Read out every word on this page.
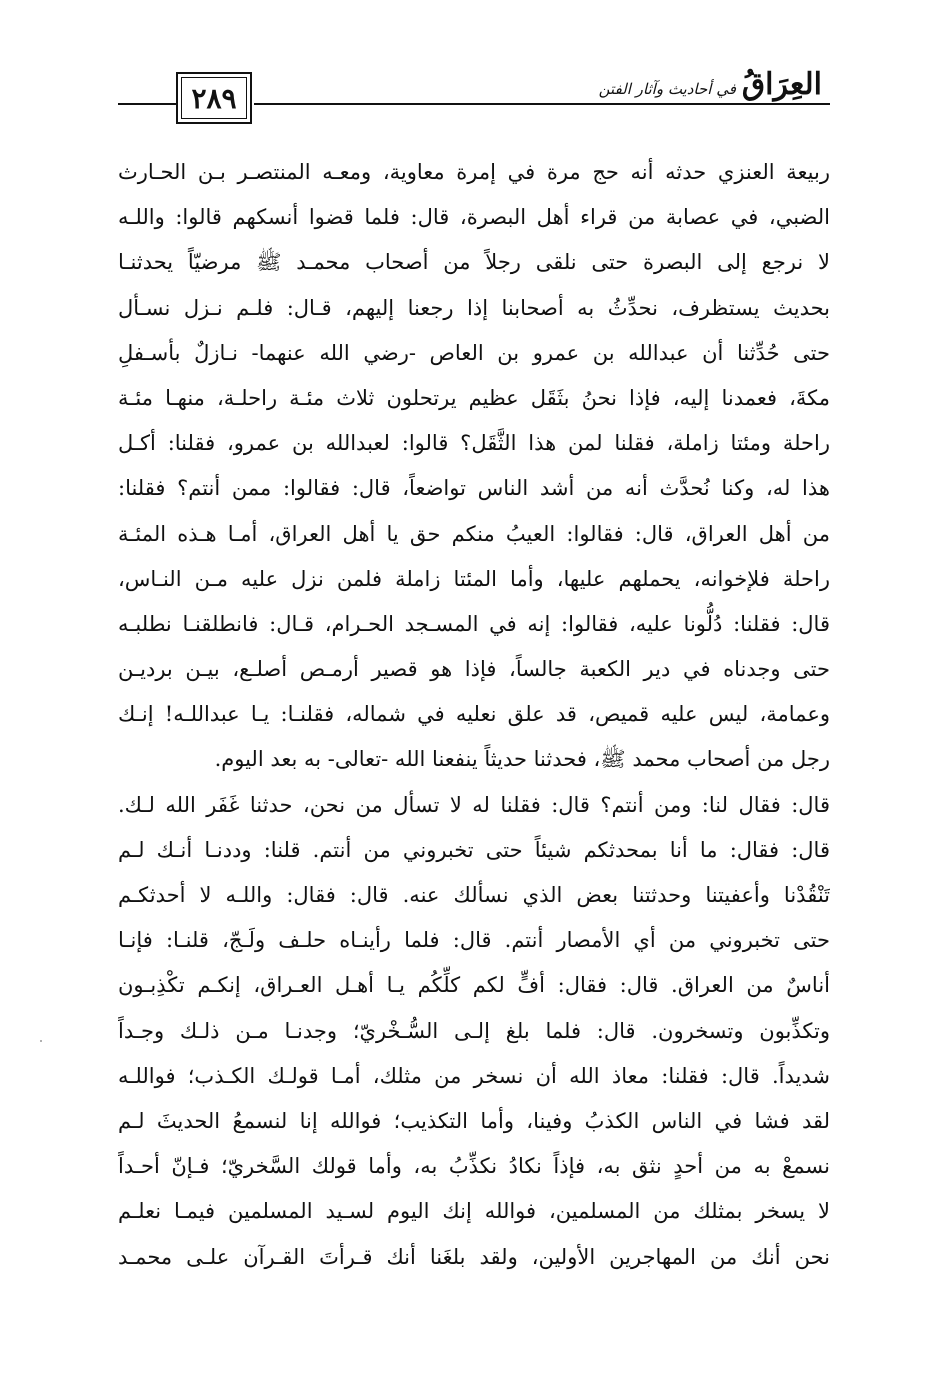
٢٨٩	العِرَاقُ
في أحاديث وآثار الفتن
ربيعة العنزي حدثه أنه حج مرة في إمرة معاوية، ومعـه المنتصـر بـن الحـارث
الضبي، في عصابة من قراء أهل البصرة، قال: فلما قضوا أنسكهم قالوا: واللـه
لا نرجع إلى البصرة حتى نلقى رجلاً من أصحاب محمـد ﷺ مرضيّاً يحدثنـا
بحديث يستظرف، نحدِّثُ به أصحابنا إذا رجعنا إليهم، قـال: فلـم نـزل نسـأل
حتى حُدِّثنا أن عبدالله بن عمرو بن العاص -رضي الله عنهما- نـازلٌ بأسـفلِ
مكةَ، فعمدنا إليه، فإذا نحنُ بثَقَل عظيم يرتحلون ثلاث مئـة راحلـة، منهـا مئـة
راحلة ومئتا زاملة، فقلنا لمن هذا الثَّقَل؟ قالوا: لعبدالله بن عمرو، فقلنا: أكـل
هذا له، وكنا نُحدَّث أنه من أشد الناس تواضعاً، قال: فقالوا: ممن أنتم؟ فقلنا:
من أهل العراق، قال: فقالوا: العيبُ منكم حق يا أهل العراق، أمـا هـذه المئـة
راحلة فلإخوانه، يحملهم عليها، وأما المئتا زاملة فلمن نزل عليه مـن النـاس،
قال: فقلنا: دُلُّونا عليه، فقالوا: إنه في المسـجد الحـرام، قـال: فانطلقنـا نطلبـه
حتى وجدناه في دير الكعبة جالساً، فإذا هو قصير أرمـص أصلـع، بيـن برديـن
وعمامة، ليس عليه قميص، قد علق نعليه في شماله، فقلنـا: يـا عبداللـه! إنـك
رجل من أصحاب محمد ﷺ، فحدثنا حديثاً ينفعنا الله -تعالى- به بعد اليوم.
قال: فقال لنا: ومن أنتم؟ قال: فقلنا له لا تسأل من نحن، حدثنا غَفَر الله لـك.
قال: فقال: ما أنا بمحدثكم شيئاً حتى تخبروني من أنتم. قلنا: وددنـا أنـك لـم
تَنْقُدْنا وأعفيتنا وحدثتنا بعض الذي نسألك عنه. قال: فقال: واللـه لا أحدثكـم
حتى تخبروني من أي الأمصار أنتم. قال: فلما رأينـاه حلـف ولَـجّ، قلنـا: فإنـا
أناسٌ من العراق. قال: فقال: أفٍّ لكم كلِّكُم يـا أهـل العـراق، إنكـم تكْذِبـون
وتكذِّبون وتسخرون. قال: فلما بلغ إلـى السُّـخْريّ؛ وجدنـا مـن ذلـك وجـداً
شديداً. قال: فقلنا: معاذ الله أن نسخر من مثلك، أمـا قولـك الكـذب؛ فواللـه
لقد فشا في الناس الكذبُ وفينا، وأما التكذيب؛ فوالله إنا لنسمعُ الحديثَ لـم
نسمعْ به من أحدٍ نثق به، فإذاً نكادُ نكذِّبُ به، وأما قولك السَّخريّ؛ فـإنّ أحـداً
لا يسخر بمثلك من المسلمين، فوالله إنك اليوم لسـيد المسلمين فيمـا نعلـم
نحن أنك من المهاجرين الأولين، ولقد بلغَنا أنك قـرأتَ القـرآن علـى محمـد
